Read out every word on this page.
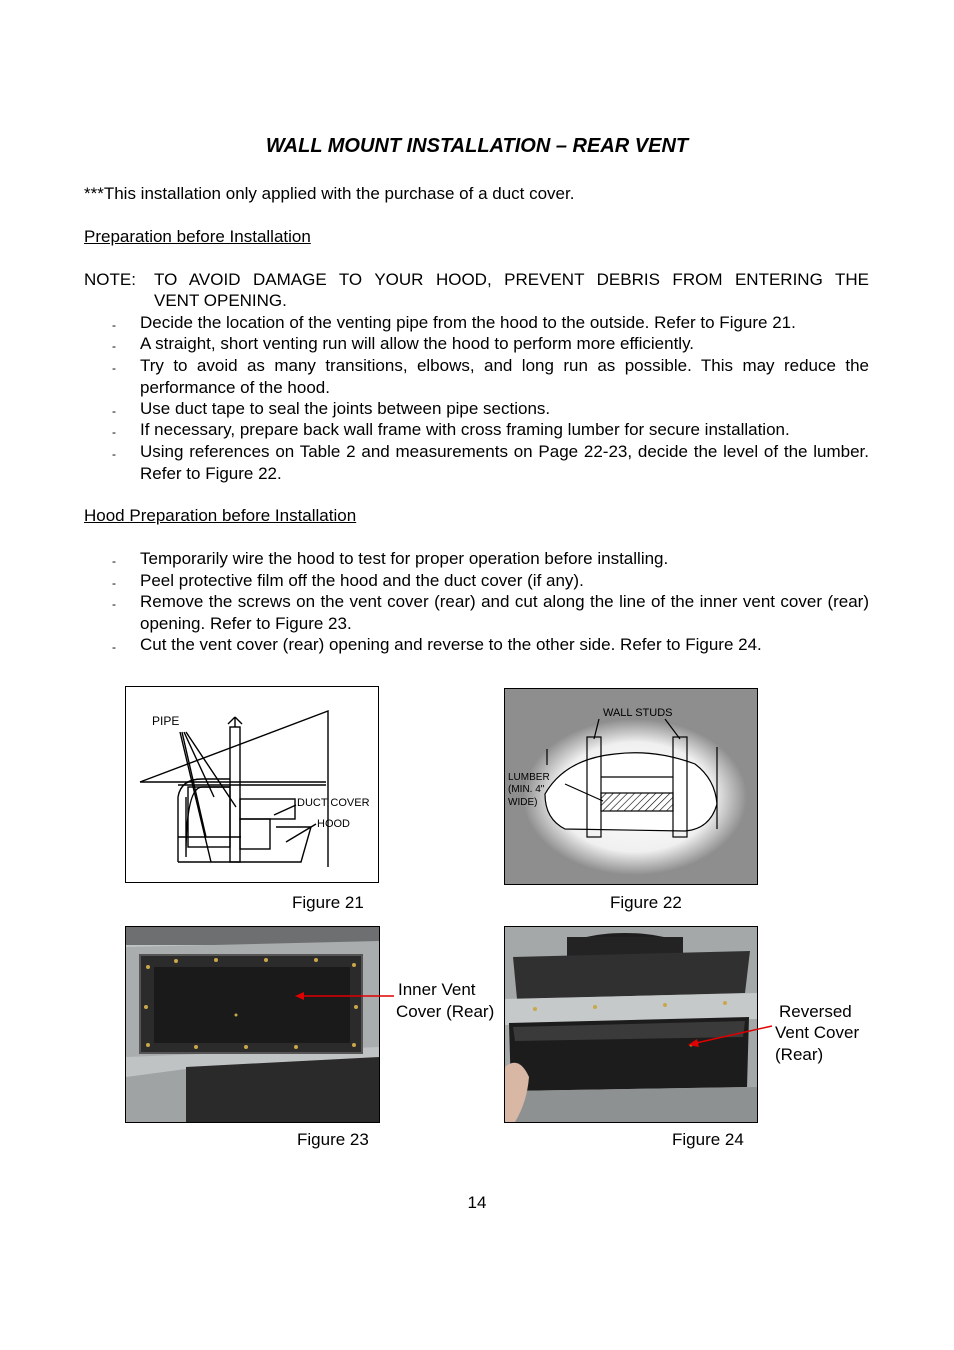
WALL MOUNT INSTALLATION – REAR VENT
***This installation only applied with the purchase of a duct cover.
Preparation before Installation
NOTE: TO AVOID DAMAGE TO YOUR HOOD, PREVENT DEBRIS FROM ENTERING THE
VENT OPENING.
- Decide the location of the venting pipe from the hood to the outside. Refer to Figure 21.
- A straight, short venting run will allow the hood to perform more efficiently.
- Try to avoid as many transitions, elbows, and long run as possible. This may reduce the performance of the hood.
- Use duct tape to seal the joints between pipe sections.
- If necessary, prepare back wall frame with cross framing lumber for secure installation.
- Using references on Table 2 and measurements on Page 22-23, decide the level of the lumber. Refer to Figure 22.
Hood Preparation before Installation
- Temporarily wire the hood to test for proper operation before installing.
- Peel protective film off the hood and the duct cover (if any).
- Remove the screws on the vent cover (rear) and cut along the line of the inner vent cover (rear) opening. Refer to Figure 23.
- Cut the vent cover (rear) opening and reverse to the other side. Refer to Figure 24.
PIPE
DUCT COVER
HOOD
Figure 21
WALL STUDS
LUMBER
(MIN. 4"
WIDE)
Figure 22
Inner Vent
Cover (Rear)
Figure 23
Reversed
Vent Cover
(Rear)
Figure 24
14
